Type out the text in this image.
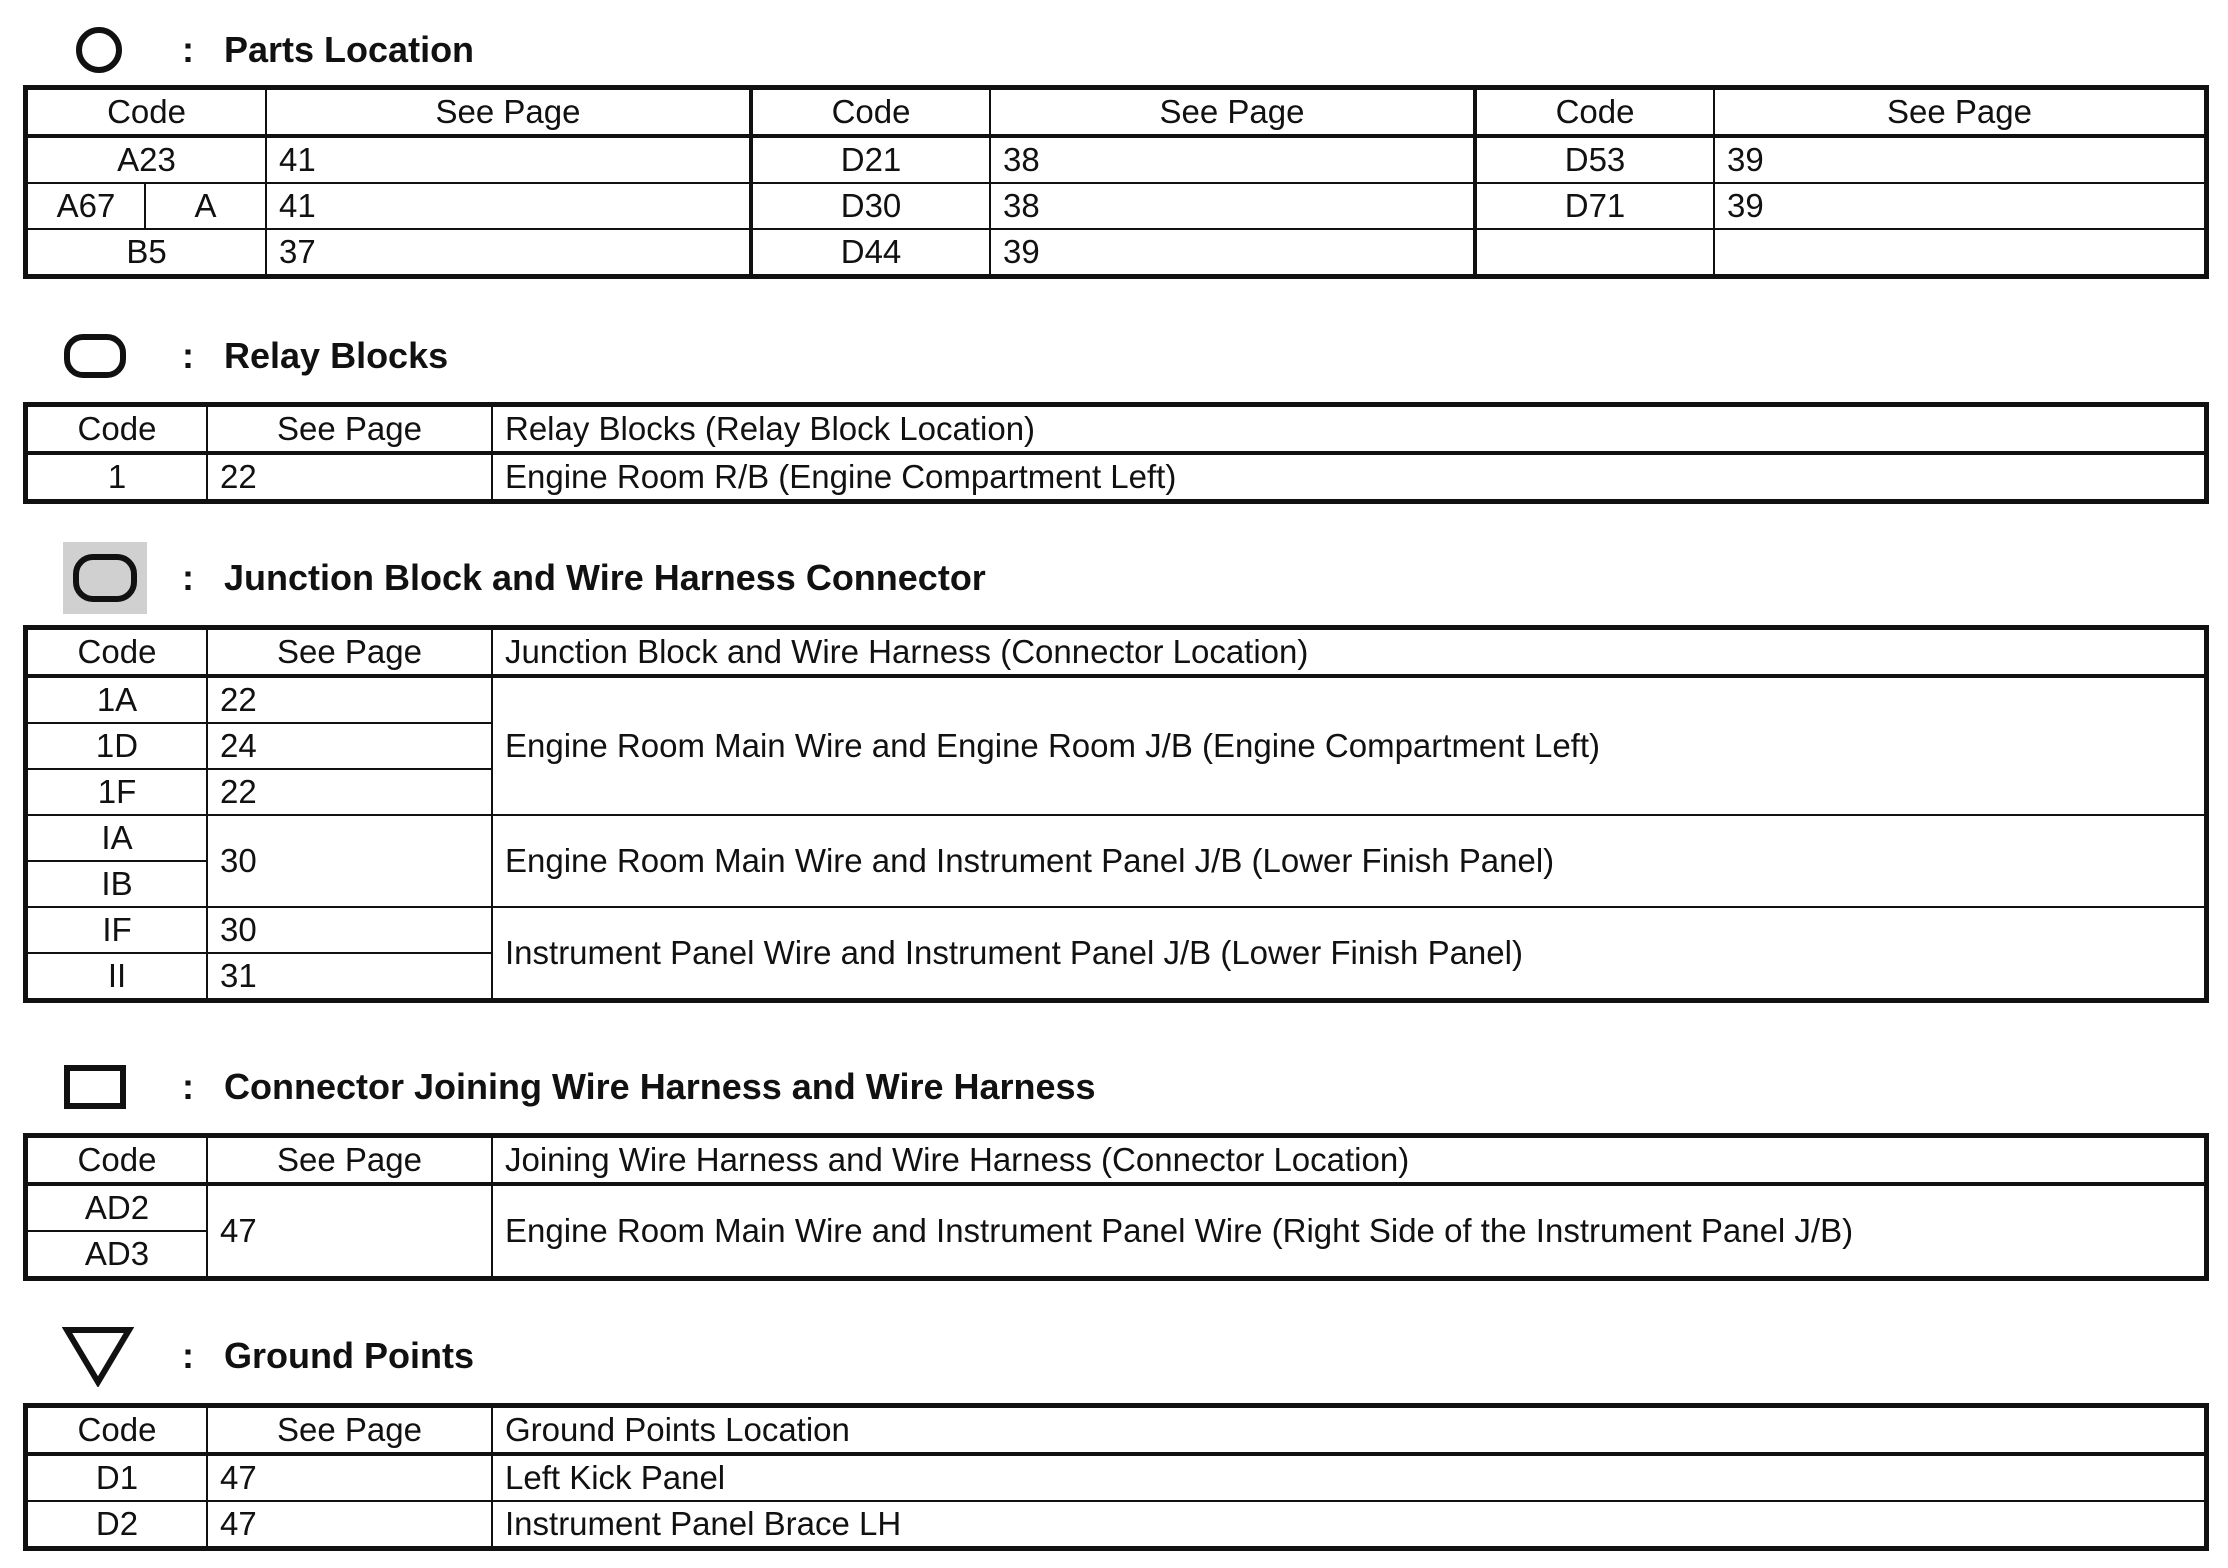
: Parts Location
Code		See Page	Code	See Page	Code	See Page
A23		41	D21	38	D53	39
A67	A	41	D30	38	D71	39
B5		37	D44	39		
: Relay Blocks
Code	See Page	Relay Blocks (Relay Block Location)
1	22	Engine Room R/B (Engine Compartment Left)
: Junction Block and Wire Harness Connector
Code	See Page	Junction Block and Wire Harness (Connector Location)
1A	22	Engine Room Main Wire and Engine Room J/B (Engine Compartment Left)
1D	24	
1F	22	
IA	30	Engine Room Main Wire and Instrument Panel J/B (Lower Finish Panel)
IB		
IF	30	Instrument Panel Wire and Instrument Panel J/B (Lower Finish Panel)
II	31	
: Connector Joining Wire Harness and Wire Harness
Code	See Page	Joining Wire Harness and Wire Harness (Connector Location)
AD2	47	Engine Room Main Wire and Instrument Panel Wire (Right Side of the Instrument Panel J/B)
AD3		
: Ground Points
Code	See Page	Ground Points Location
D1	47	Left Kick Panel
D2	47	Instrument Panel Brace LH
